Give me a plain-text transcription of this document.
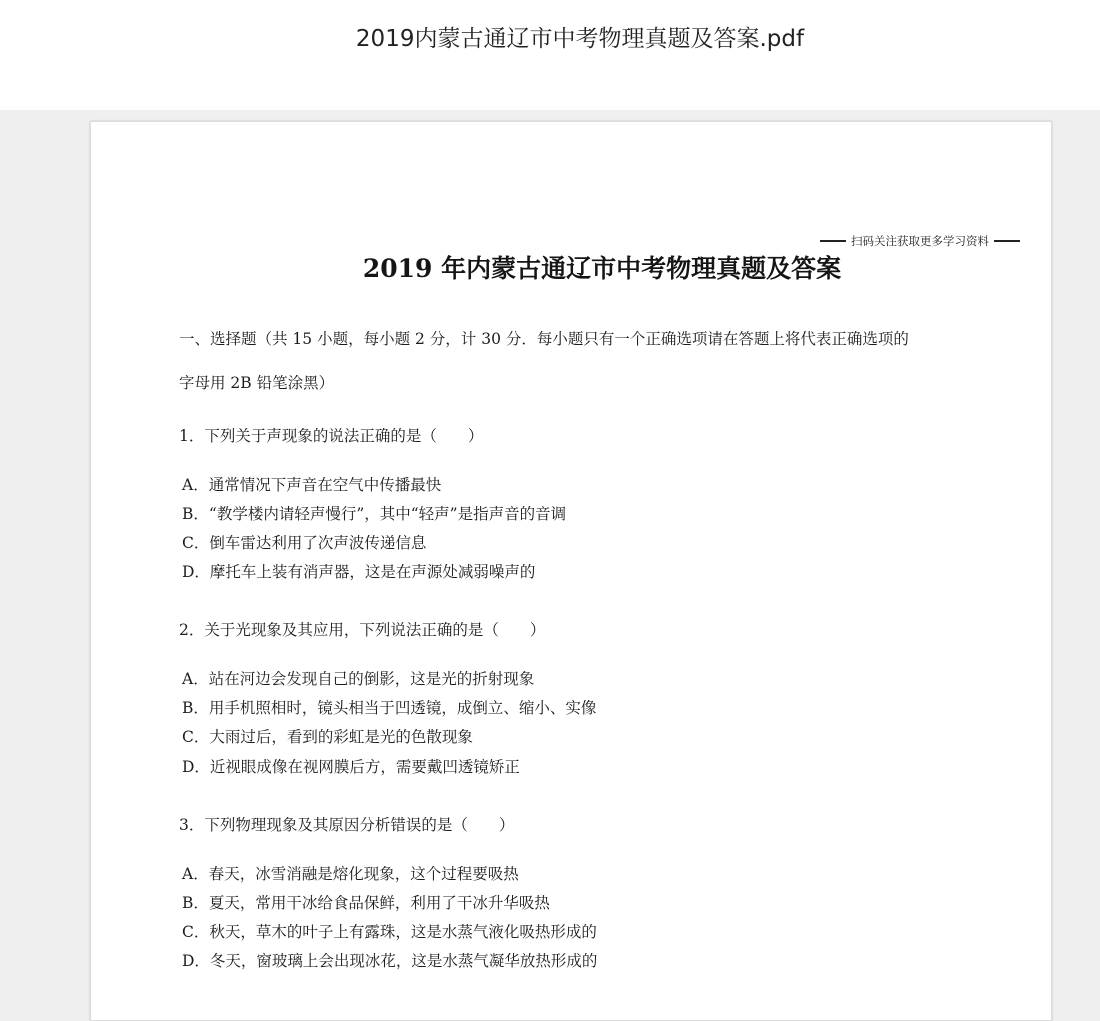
2019内蒙古通辽市中考物理真题及答案.pdf
扫码关注获取更多学习资料
2019 年内蒙古通辽市中考物理真题及答案
一、选择题（共 15 小题，每小题 2 分，计 30 分．每小题只有一个正确选项请在答题上将代表正确选项的
字母用 2B 铅笔涂黑）
1．下列关于声现象的说法正确的是（　　）
A．通常情况下声音在空气中传播最快
B．“教学楼内请轻声慢行”，其中“轻声”是指声音的音调
C．倒车雷达利用了次声波传递信息
D．摩托车上装有消声器，这是在声源处减弱噪声的
2．关于光现象及其应用，下列说法正确的是（　　）
A．站在河边会发现自己的倒影，这是光的折射现象
B．用手机照相时，镜头相当于凹透镜，成倒立、缩小、实像
C．大雨过后，看到的彩虹是光的色散现象
D．近视眼成像在视网膜后方，需要戴凹透镜矫正
3．下列物理现象及其原因分析错误的是（　　）
A．春天，冰雪消融是熔化现象，这个过程要吸热
B．夏天，常用干冰给食品保鲜，利用了干冰升华吸热
C．秋天，草木的叶子上有露珠，这是水蒸气液化吸热形成的
D．冬天，窗玻璃上会出现冰花，这是水蒸气凝华放热形成的
